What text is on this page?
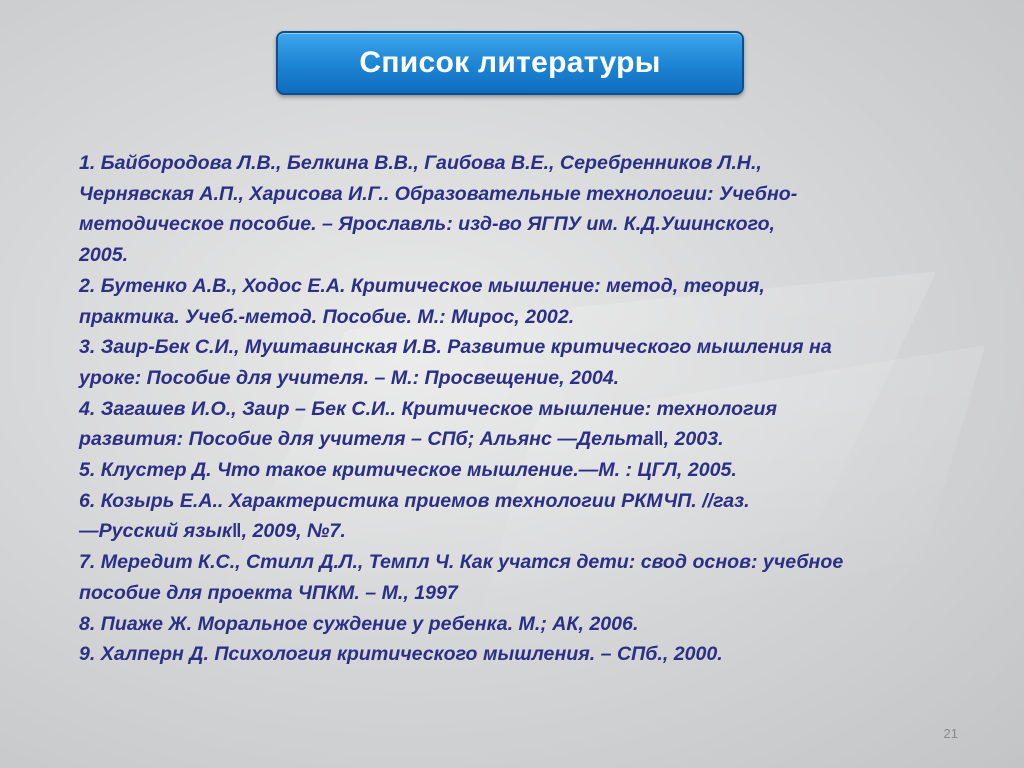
Список литературы
1. Байбородова Л.В., Белкина В.В., Гаибова В.Е., Серебренников Л.Н.,
Чернявская А.П., Харисова И.Г.. Образовательные технологии: Учебно-
методическое пособие. – Ярославль: изд-во ЯГПУ им. К.Д.Ушинского,
2005.
2. Бутенко А.В., Ходос Е.А. Критическое мышление: метод, теория,
практика. Учеб.-метод. Пособие. М.: Мирос, 2002.
3. Заир-Бек С.И., Муштавинская И.В. Развитие критического мышления на
уроке: Пособие для учителя. – М.: Просвещение, 2004.
4. Загашев И.О., Заир – Бек С.И.. Критическое мышление: технология
развития: Пособие для учителя – СПб; Альянс —Дельта‖, 2003.
5. Клустер Д. Что такое критическое мышление.—М. : ЦГЛ, 2005.
6. Козырь Е.А.. Характеристика приемов технологии РКМЧП. //газ.
—Русский язык‖, 2009, №7.
7. Мередит К.С., Стилл Д.Л., Темпл Ч. Как учатся дети: свод основ: учебное
пособие для проекта ЧПКМ. – М., 1997
8. Пиаже Ж. Моральное суждение у ребенка. М.; АК, 2006.
9. Халперн Д. Психология критического мышления. – СПб., 2000.
21
